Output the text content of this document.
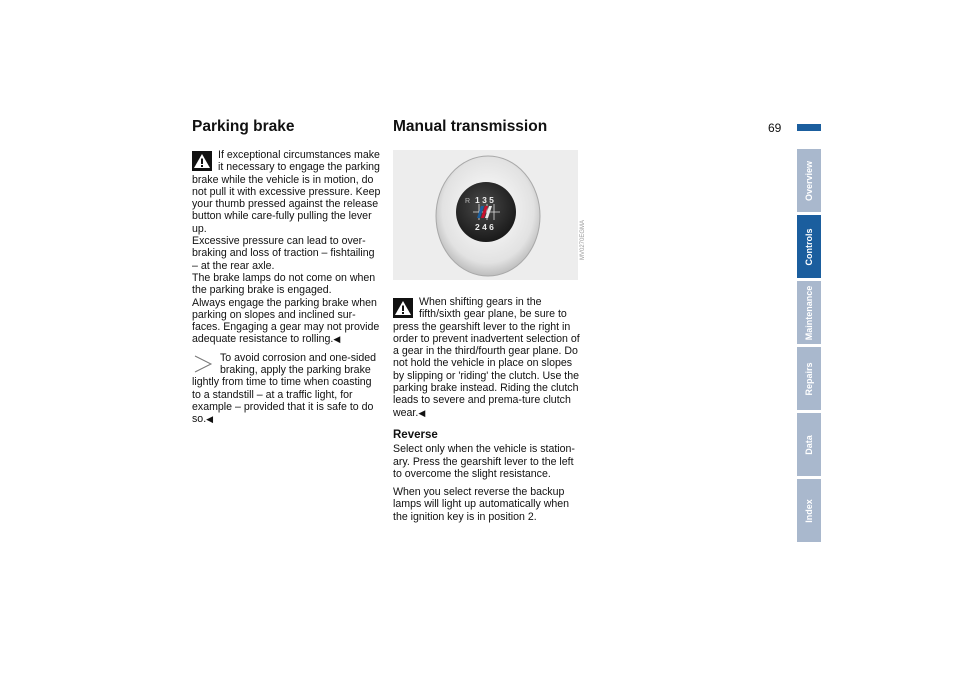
69
Overview
Controls
Maintenance
Repairs
Data
Index
Parking brake

If exceptional circumstances make it necessary to engage the parking brake while the vehicle is in motion, do not pull it with excessive pressure. Keep your thumb pressed against the release button while care-fully pulling the lever up.
Excessive pressure can lead to over-braking and loss of traction – fishtailing – at the rear axle.
The brake lamps do not come on when the parking brake is engaged.
Always engage the parking brake when parking on slopes and inclined sur-faces. Engaging a gear may not provide adequate resistance to rolling.◀

To avoid corrosion and one-sided braking, apply the parking brake lightly from time to time when coasting to a standstill – at a traffic light, for example – provided that it is safe to do so.◀

Manual transmission
1 3 5
2 4 6
R
MV0270EGMA

When shifting gears in the fifth/sixth gear plane, be sure to press the gearshift lever to the right in order to prevent inadvertent selection of a gear in the third/fourth gear plane. Do not hold the vehicle in place on slopes by slipping or 'riding' the clutch. Use the parking brake instead. Riding the clutch leads to severe and prema-ture clutch wear.◀

Reverse

Select only when the vehicle is station-ary. Press the gearshift lever to the left to overcome the slight resistance.

When you select reverse the backup lamps will light up automatically when the ignition key is in position 2.
